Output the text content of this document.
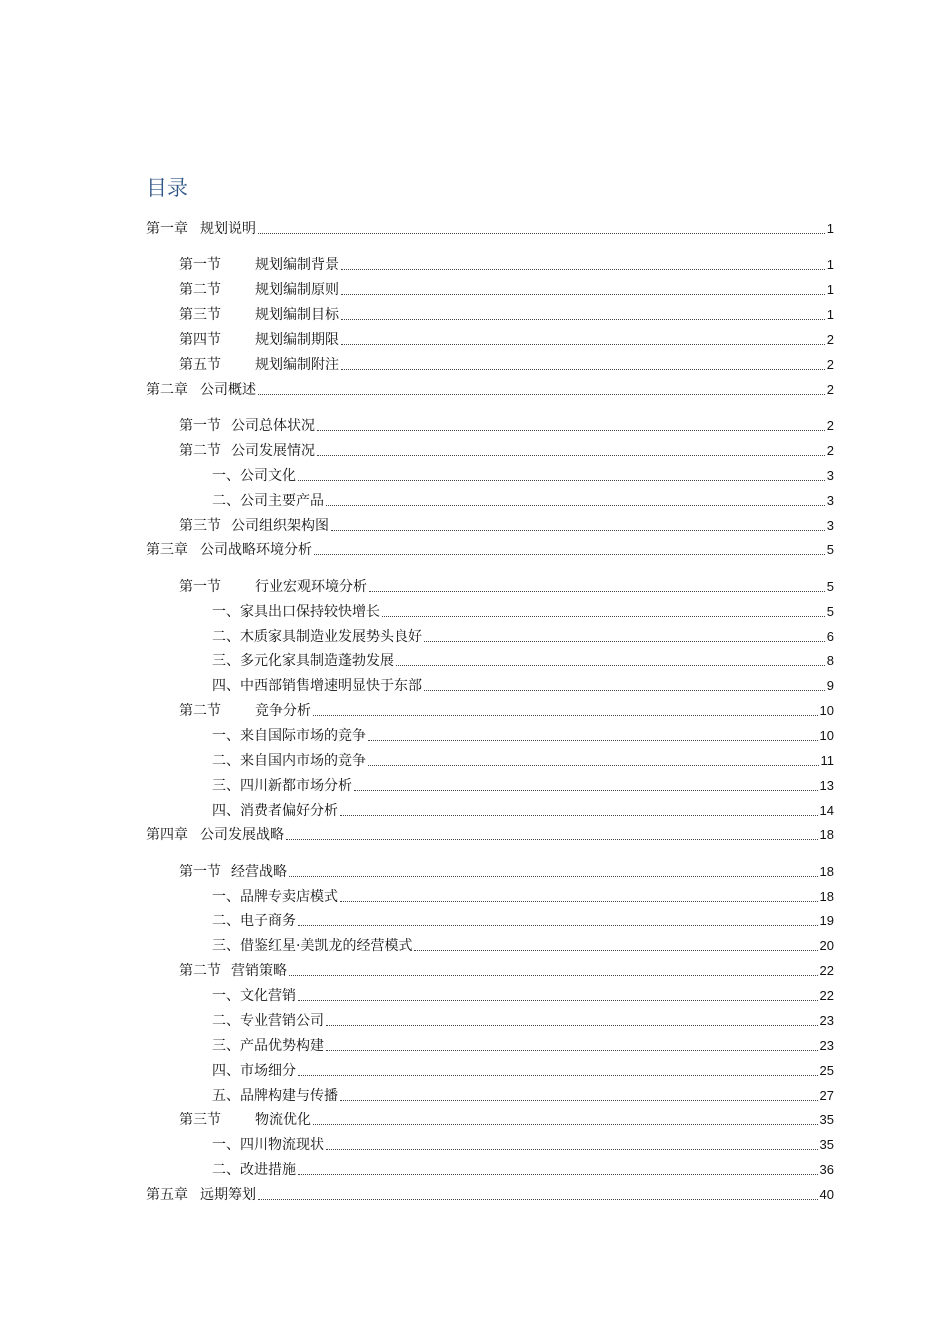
目录
第一章 规划说明	1
第一节 规划编制背景	1
第二节 规划编制原则	1
第三节 规划编制目标	1
第四节 规划编制期限	2
第五节 规划编制附注	2
第二章 公司概述	2
第一节 公司总体状况	2
第二节 公司发展情况	2
一、公司文化	3
二、公司主要产品	3
第三节 公司组织架构图	3
第三章 公司战略环境分析	5
第一节 行业宏观环境分析	5
一、家具出口保持较快增长	5
二、木质家具制造业发展势头良好	6
三、多元化家具制造蓬勃发展	8
四、中西部销售增速明显快于东部	9
第二节 竞争分析	10
一、来自国际市场的竞争	10
二、来自国内市场的竞争	11
三、四川新都市场分析	13
四、消费者偏好分析	14
第四章 公司发展战略	18
第一节 经营战略	18
一、品牌专卖店模式	18
二、电子商务	19
三、借鉴红星·美凯龙的经营模式	20
第二节 营销策略	22
一、文化营销	22
二、专业营销公司	23
三、产品优势构建	23
四、市场细分	25
五、品牌构建与传播	27
第三节 物流优化	35
一、四川物流现状	35
二、改进措施	36
第五章 远期筹划	40
